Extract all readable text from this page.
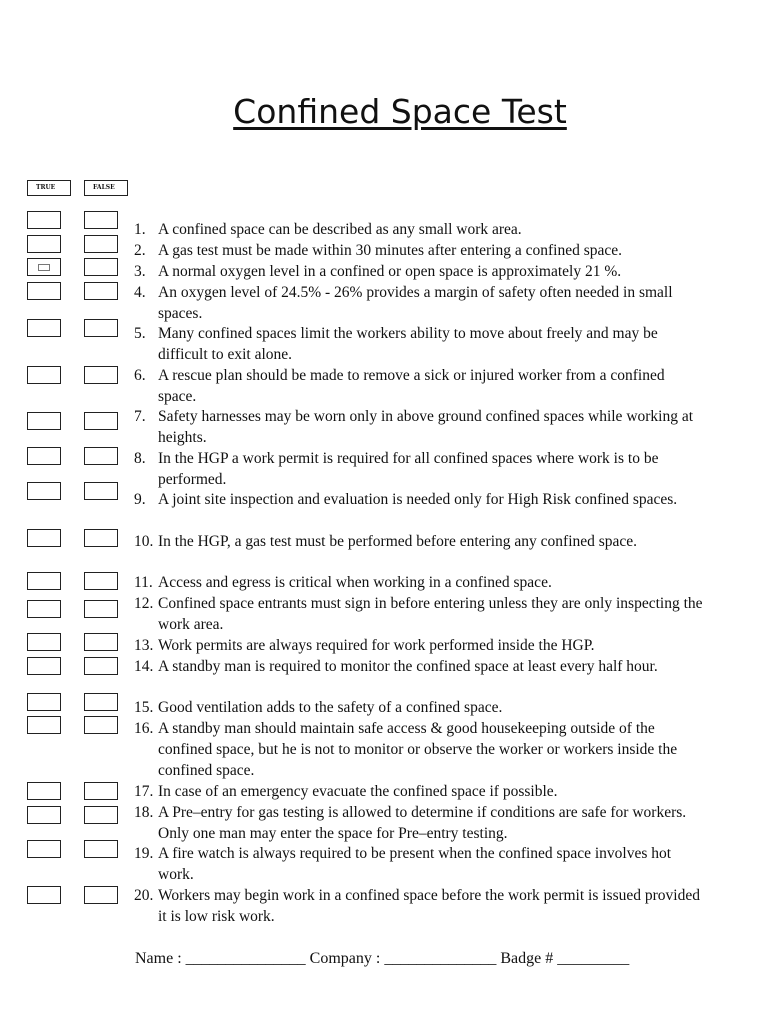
Confined Space Test
TRUE	FALSE
1. A confined space can be described as any small work area.
2. A gas test must be made within 30 minutes after entering a confined space.
3. A normal oxygen level in a confined or open space is approximately 21 %.
4. An oxygen level of 24.5% - 26% provides a margin of safety often needed in small spaces.
5. Many confined spaces limit the workers ability to move about freely and may be difficult to exit alone.
6. A rescue plan should be made to remove a sick or injured worker from a confined space.
7. Safety harnesses may be worn only in above ground confined spaces while working at heights.
8. In the HGP a work permit is required for all confined spaces where work is to be performed.
9. A joint site inspection and evaluation is needed only for High Risk confined spaces.
10. In the HGP, a gas test must be performed before entering any confined space.
11. Access and egress is critical when working in a confined space.
12. Confined space entrants must sign in before entering unless they are only inspecting the work area.
13. Work permits are always required for work performed inside the HGP.
14. A standby man is required to monitor the confined space at least every half hour.
15. Good ventilation adds to the safety of a confined space.
16. A standby man should maintain safe access & good housekeeping outside of the confined space, but he is not to monitor or observe the worker or workers inside the confined space.
17. In case of an emergency evacuate the confined space if possible.
18. A Pre–entry for gas testing is allowed to determine if conditions are safe for workers. Only one man may enter the space for Pre–entry testing.
19. A fire watch is always required to be present when the confined space involves hot work.
20. Workers may begin work in a confined space before the work permit is issued provided it is low risk work.
Name : _______________ Company : ______________ Badge # _________
